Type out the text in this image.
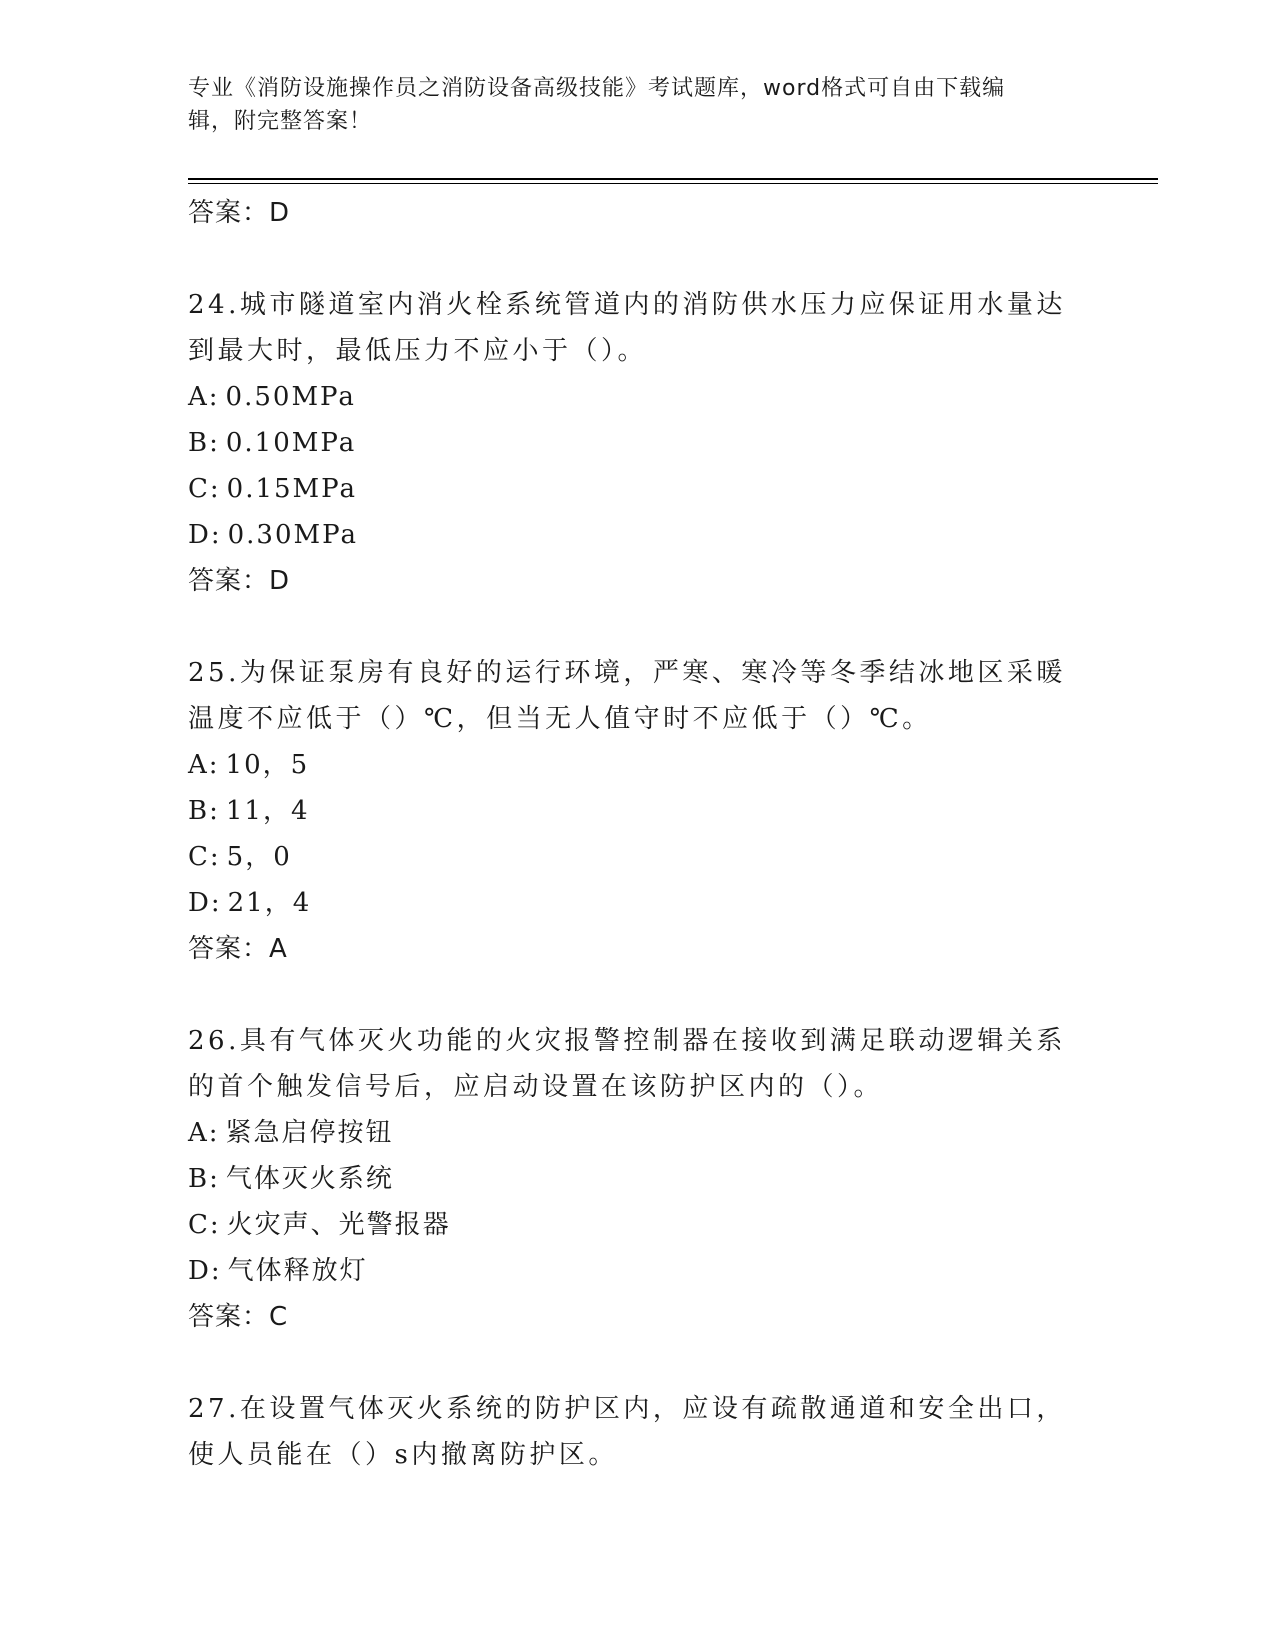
专业《消防设施操作员之消防设备高级技能》考试题库，word格式可自由下载编
辑，附完整答案！
答案：D

24.城市隧道室内消火栓系统管道内的消防供水压力应保证用水量达到最大时，最低压力不应小于（）。

A: 0.50MPa
B: 0.10MPa
C: 0.15MPa
D: 0.30MPa
答案：D

25.为保证泵房有良好的运行环境，严寒、寒冷等冬季结冰地区采暖温度不应低于（）℃，但当无人值守时不应低于（）℃。

A: 10，5
B: 11，4
C: 5，0
D: 21，4
答案：A

26.具有气体灭火功能的火灾报警控制器在接收到满足联动逻辑关系的首个触发信号后，应启动设置在该防护区内的（）。

A: 紧急启停按钮
B: 气体灭火系统
C: 火灾声、光警报器
D: 气体释放灯
答案：C

27.在设置气体灭火系统的防护区内，应设有疏散通道和安全出口，使人员能在（）s内撤离防护区。
